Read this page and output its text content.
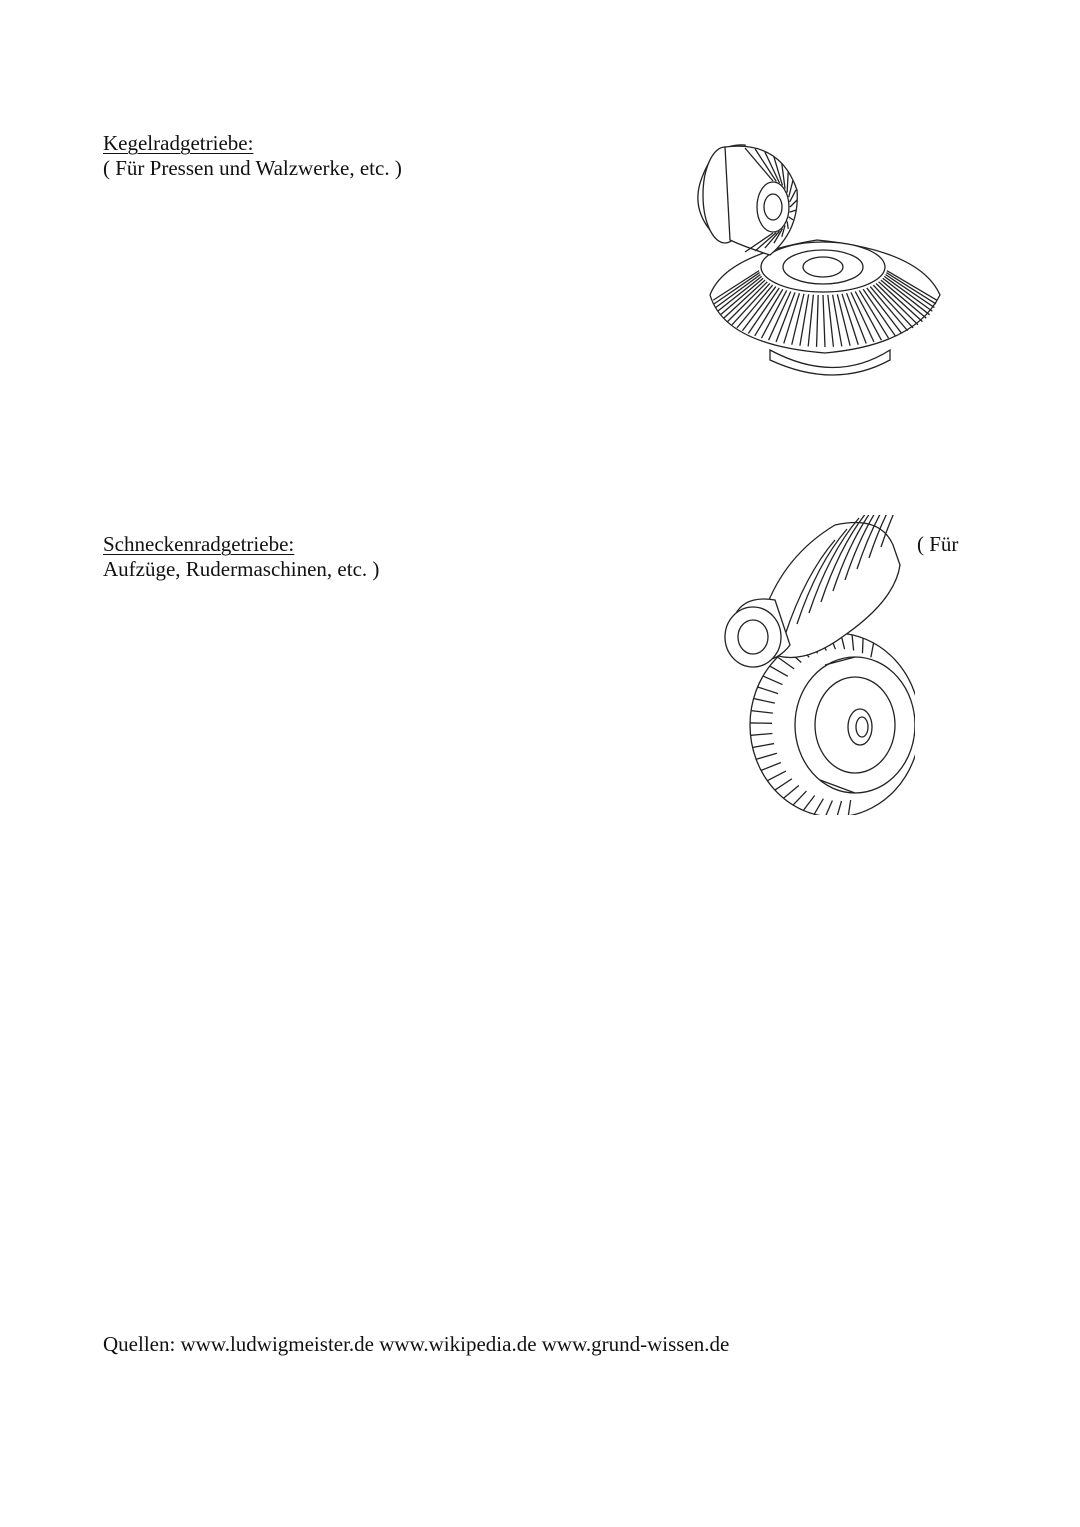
Kegelradgetriebe:
( Für Pressen und Walzwerke, etc. )
Schneckenradgetriebe:	( Für
Aufzüge, Rudermaschinen, etc. )
Quellen: www.ludwigmeister.de www.wikipedia.de www.grund-wissen.de
